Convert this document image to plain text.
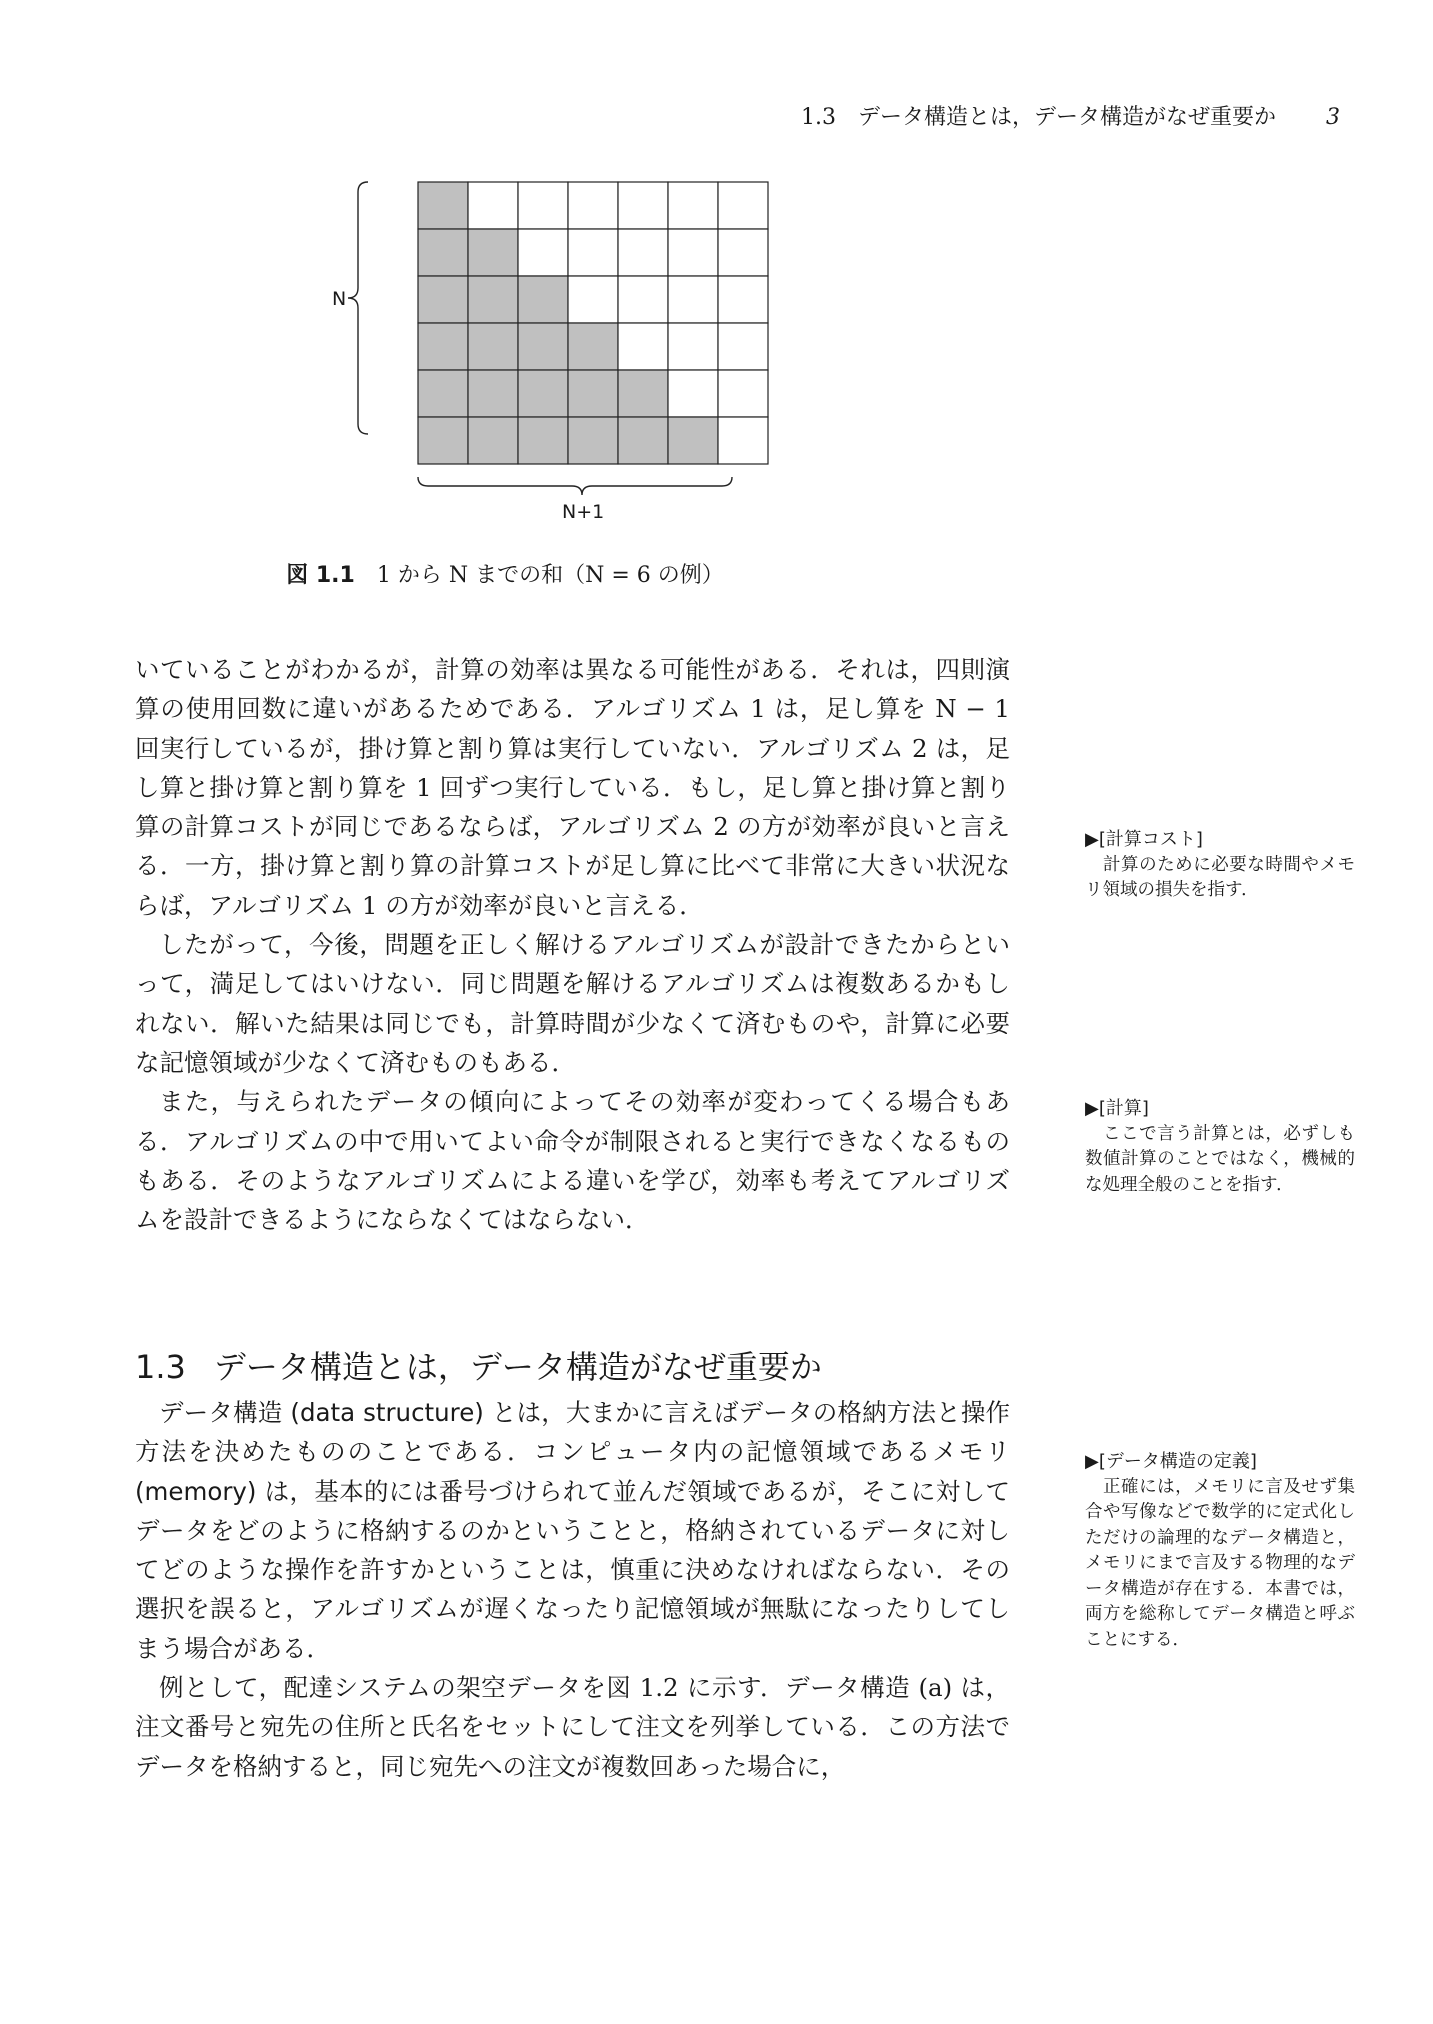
1.3　データ構造とは，データ構造がなぜ重要か 3
N
N+1
図 1.1　 1 から N までの和（N = 6 の例）

いていることがわかるが，計算の効率は異なる可能性がある．それは，四則演算の使用回数に違いがあるためである．アルゴリズム 1 は，足し算を N − 1 回実行しているが，掛け算と割り算は実行していない．アルゴリズム 2 は，足し算と掛け算と割り算を 1 回ずつ実行している．もし，足し算と掛け算と割り算の計算コストが同じであるならば，アルゴリズム 2 の方が効率が良いと言える．一方，掛け算と割り算の計算コストが足し算に比べて非常に大きい状況ならば，アルゴリズム 1 の方が効率が良いと言える．

したがって，今後，問題を正しく解けるアルゴリズムが設計できたからといって，満足してはいけない．同じ問題を解けるアルゴリズムは複数あるかもしれない．解いた結果は同じでも，計算時間が少なくて済むものや，計算に必要な記憶領域が少なくて済むものもある．

また，与えられたデータの傾向によってその効率が変わってくる場合もある．アルゴリズムの中で用いてよい命令が制限されると実行できなくなるものもある．そのようなアルゴリズムによる違いを学び，効率も考えてアルゴリズムを設計できるようにならなくてはならない．

1.3 データ構造とは，データ構造がなぜ重要か

データ構造 (data structure) とは，大まかに言えばデータの格納方法と操作方法を決めたもののことである．コンピュータ内の記憶領域であるメモリ (memory) は，基本的には番号づけられて並んだ領域であるが，そこに対してデータをどのように格納するのかということと，格納されているデータに対してどのような操作を許すかということは，慎重に決めなければならない．その選択を誤ると，アルゴリズムが遅くなったり記憶領域が無駄になったりしてしまう場合がある．

例として，配達システムの架空データを図 1.2 に示す．データ構造 (a) は，注文番号と宛先の住所と氏名をセットにして注文を列挙している．この方法でデータを格納すると，同じ宛先への注文が複数回あった場合に，

▶[計算コスト]
計算のために必要な時間やメモリ領域の損失を指す．
▶[計算]
ここで言う計算とは，必ずしも数値計算のことではなく，機械的な処理全般のことを指す．
▶[データ構造の定義]
正確には，メモリに言及せず集合や写像などで数学的に定式化しただけの論理的なデータ構造と，メモリにまで言及する物理的なデータ構造が存在する．本書では，両方を総称してデータ構造と呼ぶことにする．
